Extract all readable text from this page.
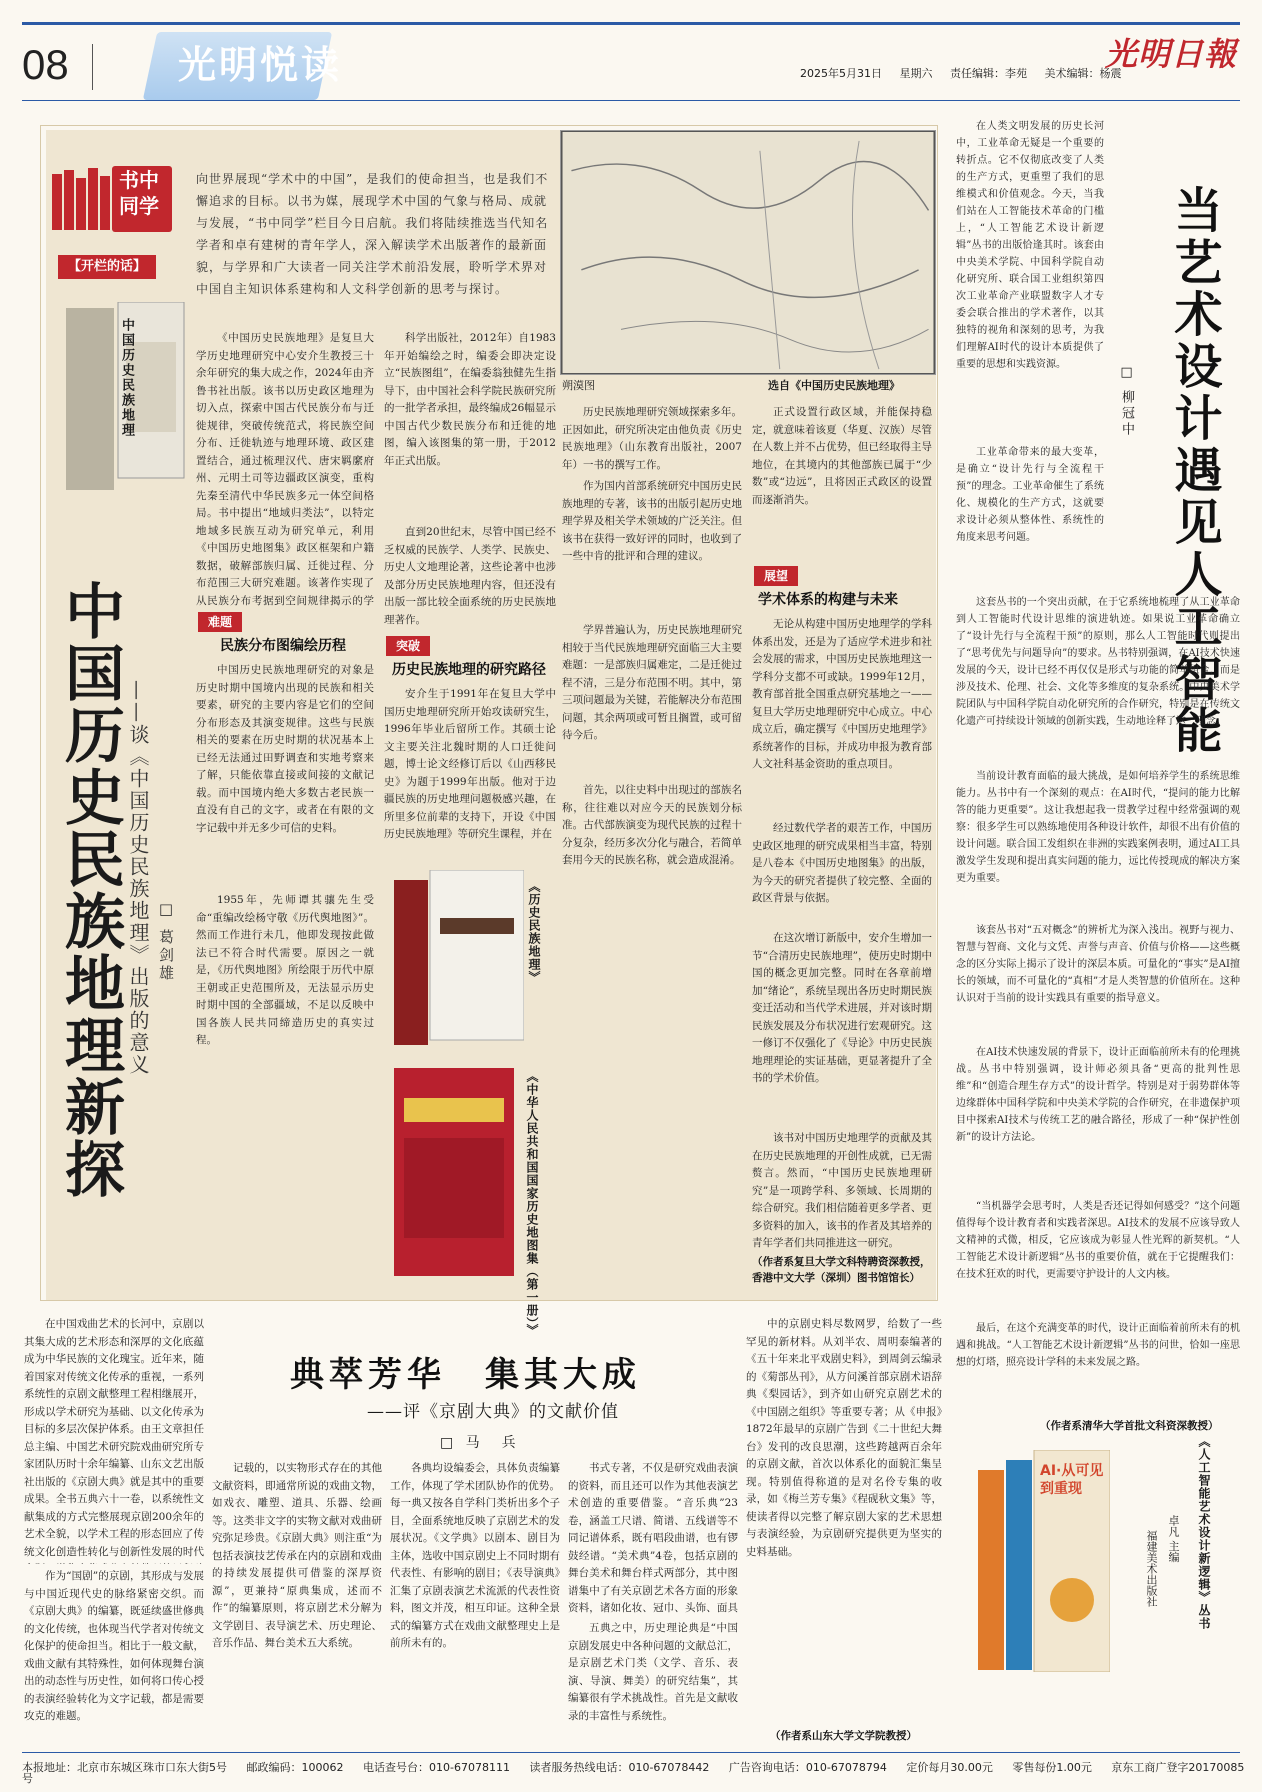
08	光明悦读	2025年5月31日 星期六 责任编辑：李苑 美术编辑：杨震
光明日報
书中
同学
【开栏的话】
向世界展现“学术中的中国”，是我们的使命担当，也是我们不懈追求的目标。以书为媒，展现学术中国的气象与格局、成就与发展，“书中同学”栏目今日启航。我们将陆续推选当代知名学者和卓有建树的青年学人，深入解读学术出版著作的最新面貌，与学界和广大读者一同关注学术前沿发展，聆听学术界对中国自主知识体系建构和人文科学创新的思考与探讨。
中国历史民族地理
中国历史民族地理新探 ——谈《中国历史民族地理》出版的意义 □ 葛剑雄
《中国历史民族地理》是复旦大学历史地理研究中心安介生教授三十余年研究的集大成之作，2024年由齐鲁书社出版。该书以历史政区地理为切入点，探索中国古代民族分布与迁徙规律，突破传统范式，将民族空间分布、迁徙轨迹与地理环境、政区建置结合，通过梳理汉代、唐宋羁縻府州、元明土司等边疆政区演变，重构先秦至清代中华民族多元一体空间格局。书中提出“地域归类法”，以特定地域多民族互动为研究单元，利用《中国历史地图集》政区框架和户籍数据，破解部族归属、迁徙过程、分布范围三大研究难题。该著作实现了从民族分布考据到空间规律揭示的学
难题
民族分布图编绘历程
中国历史民族地理研究的对象是历史时期中国境内出现的民族和相关要素，研究的主要内容是它们的空间分布形态及其演变规律。这些与民族相关的要素在历史时期的状况基本上已经无法通过田野调查和实地考察来了解，只能依靠直接或间接的文献记载。而中国境内绝大多数古老民族一直没有自己的文字，或者在有限的文字记载中并无多少可信的史料。
1955年，先师谭其骧先生受命“重编改绘杨守敬《历代舆地图》”。然而工作进行未几，他即发现按此做法已不符合时代需要。原因之一就是，《历代舆地图》所绘限于历代中原王朝或正史范围所及，无法显示历史时期中国的全部疆域，不足以反映中国各族人民共同缔造历史的真实过程。
科学出版社，2012年）自1983年开始编绘之时，编委会即决定设立“民族图组”，在编委翁独健先生指导下，由中国社会科学院民族研究所的一批学者承担，最终编成26幅显示中国古代少数民族分布和迁徙的地图，编入该图集的第一册，于2012年正式出版。
直到20世纪末，尽管中国已经不乏权威的民族学、人类学、民族史、历史人文地理论著，这些论著中也涉及部分历史民族地理内容，但还没有出版一部比较全面系统的历史民族地理著作。
突破
历史民族地理的研究路径
安介生于1991年在复旦大学中国历史地理研究所开始攻读研究生，1996年毕业后留所工作。其硕士论文主要关注北魏时期的人口迁徙问题，博士论文经修订后以《山西移民史》为题于1999年出版。他对于边疆民族的历史地理问题极感兴趣，在所里多位前辈的支持下，开设《中国历史民族地理》等研究生课程，并在
《历史民族地理》
《中华人民共和国国家历史地图集（第一册）》
朔漠图	选自《中国历史民族地理》
历史民族地理研究领域探索多年。正因如此，研究所决定由他负责《历史民族地理》（山东教育出版社，2007年）一书的撰写工作。
作为国内首部系统研究中国历史民族地理的专著，该书的出版引起历史地理学界及相关学术领域的广泛关注。但该书在获得一致好评的同时，也收到了一些中肯的批评和合理的建议。
学界普遍认为，历史民族地理研究相较于当代民族地理研究面临三大主要难题：一是部族归属难定，二是迁徙过程不清，三是分布范围不明。其中，第三项问题最为关键，若能解决分布范围问题，其余两项或可暂且搁置，或可留待今后。
首先，以往史料中出现过的部族名称，往往难以对应今天的民族划分标准。古代部族演变为现代民族的过程十分复杂，经历多次分化与融合，若简单套用今天的民族名称，就会造成混淆。
正式设置行政区域，并能保持稳定，就意味着该夏（华夏、汉族）尽管在人数上并不占优势，但已经取得主导地位，在其境内的其他部族已属于“少数”或“边远”，且将因正式政区的设置而逐渐消失。
展望
学术体系的构建与未来
无论从构建中国历史地理学的学科体系出发，还是为了适应学术进步和社会发展的需求，中国历史民族地理这一学科分支都不可或缺。1999年12月，教育部首批全国重点研究基地之一——复旦大学历史地理研究中心成立。中心成立后，确定撰写《中国历史地理学》系统著作的目标，并成功申报为教育部人文社科基金资助的重点项目。
经过数代学者的艰苦工作，中国历史政区地理的研究成果相当丰富，特别是八卷本《中国历史地图集》的出版，为今天的研究者提供了较完整、全面的政区背景与依据。
在这次增订新版中，安介生增加一节“合清历史民族地理”，使历史时期中国的概念更加完整。同时在各章前增加“绪论”，系统呈现出各历史时期民族变迁活动和当代学术进展，并对该时期民族发展及分布状况进行宏观研究。这一修订不仅强化了《导论》中历史民族地理理论的实证基础，更显著提升了全书的学术价值。
该书对中国历史地理学的贡献及其在历史民族地理的开创性成就，已无需赘言。然而，“中国历史民族地理研究”是一项跨学科、多领域、长周期的综合研究。我们相信随着更多学者、更多资料的加入，该书的作者及其培养的青年学者们共同推进这一研究。
（作者系复旦大学文科特聘资深教授，香港中文大学（深圳）图书馆馆长）
当艺术设计遇见人工智能
□ 柳冠中
在人类文明发展的历史长河中，工业革命无疑是一个重要的转折点。它不仅彻底改变了人类的生产方式，更重塑了我们的思维模式和价值观念。今天，当我们站在人工智能技术革命的门槛上，“人工智能艺术设计新逻辑”丛书的出版恰逢其时。该套由中央美术学院、中国科学院自动化研究所、联合国工业组织第四次工业革命产业联盟数字人才专委会联合推出的学术著作，以其独特的视角和深刻的思考，为我们理解AI时代的设计本质提供了重要的思想和实践资源。
工业革命带来的最大变革，是确立“设计先行与全流程干预”的理念。工业革命催生了系统化、规模化的生产方式，这就要求设计必须从整体性、系统性的角度来思考问题。
这套丛书的一个突出贡献，在于它系统地梳理了从工业革命到人工智能时代设计思维的演进轨迹。如果说工业革命确立了“设计先行与全流程干预”的原则，那么人工智能时代则提出了“思考优先与问题导向”的要求。丛书特别强调，在AI技术快速发展的今天，设计已经不再仅仅是形式与功能的简单组合，而是涉及技术、伦理、社会、文化等多维度的复杂系统。中央美术学院团队与中国科学院自动化研究所的合作研究，特别是在传统文化遗产可持续设计领域的创新实践，生动地诠释了这一理念。
当前设计教育面临的最大挑战，是如何培养学生的系统思维能力。丛书中有一个深刻的观点：在AI时代，“提问的能力比解答的能力更重要”。这让我想起我一贯教学过程中经常强调的观察：很多学生可以熟练地使用各种设计软件，却很不出有价值的设计问题。联合国工发组织在非洲的实践案例表明，通过AI工具激发学生发现和提出真实问题的能力，远比传授现成的解决方案更为重要。
该套丛书对“五对概念”的辨析尤为深入浅出。视野与视力、智慧与智商、文化与文凭、声誉与声音、价值与价格——这些概念的区分实际上揭示了设计的深层本质。可量化的“事实”是AI擅长的领域，而不可量化的“真相”才是人类智慧的价值所在。这种认识对于当前的设计实践具有重要的指导意义。
在AI技术快速发展的背景下，设计正面临前所未有的伦理挑战。丛书中特别强调，设计师必须具备“更高的批判性思维”和“创造合理生存方式”的设计哲学。特别是对于弱势群体等边缘群体中国科学院和中央美术学院的合作研究，在非遗保护项目中探索AI技术与传统工艺的融合路径，形成了一种“保护性创新”的设计方法论。
“当机器学会思考时，人类是否还记得如何感受？”这个问题值得每个设计教育者和实践者深思。AI技术的发展不应该导致人文精神的式微，相反，它应该成为彰显人性光辉的新契机。“人工智能艺术设计新逻辑”丛书的重要价值，就在于它提醒我们：在技术狂欢的时代，更需要守护设计的人文内核。
最后，在这个充满变革的时代，设计正面临着前所未有的机遇和挑战。“人工智能艺术设计新逻辑”丛书的问世，恰如一座思想的灯塔，照亮设计学科的未来发展之路。
（作者系清华大学首批文科资深教授）
AI·从可见到重现	《人工智能艺术设计新逻辑》丛书
卓凡 主编
福建美术出版社
典萃芳华　集其大成
——评《京剧大典》的文献价值
□ 马　兵
在中国戏曲艺术的长河中，京剧以其集大成的艺术形态和深厚的文化底蕴成为中华民族的文化瑰宝。近年来，随着国家对传统文化传承的重视，一系列系统性的京剧文献整理工程相继展开，形成以学术研究为基础、以文化传承为目标的多层次保护体系。由王文章担任总主编、中国艺术研究院戏曲研究所专家团队历时十余年编纂、山东文艺出版社出版的《京剧大典》就是其中的重要成果。全书五典六十一卷，以系统性文献集成的方式完整展现京剧200余年的艺术全貌，以学术工程的形态回应了传统文化创造性转化与创新性发展的时代
作为“国剧”的京剧，其形成与发展与中国近现代史的脉络紧密交织。而《京剧大典》的编纂，既延续盛世修典的文化传统，也体现当代学者对传统文化保护的使命担当。相比于一般文献，戏曲文献有其特殊性，如何体现舞台演出的动态性与历史性，如何将口传心授的表演经验转化为文字记载，都是需要攻克的难题。
记载的，以实物形式存在的其他文献资料，即通常所说的戏曲文物，如戏衣、雕塑、道具、乐器、绘画等。这类非文字的实物文献对戏曲研究弥足珍贵。《京剧大典》则注重“为包括表演技艺传承在内的京剧和戏曲的持续发展提供可借鉴的深厚资源”，更兼持“原典集成，述而不作”的编纂原则，将京剧艺术分解为文学剧目、表导演艺术、历史理论、音乐作品、舞台美术五大系统。
各典均设编委会，具体负责编纂工作，体现了学术团队协作的优势。每一典又按各自学科门类析出多个子目，全面系统地反映了京剧艺术的发展状况。《文学典》以剧本、剧目为主体，选收中国京剧史上不同时期有代表性、有影响的剧目；《表导演典》汇集了京剧表演艺术流派的代表性资料，图文并茂，相互印证。这种全景式的编纂方式在戏曲文献整理史上是前所未有的。
书式专著，不仅是研究戏曲表演的资料，而且还可以作为其他表演艺术创造的重要借鉴。“音乐典”23卷，涵盖工尺谱、简谱、五线谱等不同记谱体系，既有唱段曲谱，也有锣鼓经谱。“美术典”4卷，包括京剧的舞台美术和舞台样式两部分，其中图谱集中了有关京剧艺术各方面的形象资料，诸如化妆、冠巾、头饰、面具
五典之中，历史理论典是“中国京剧发展史中各种问题的文献总汇，是京剧艺术门类（文学、音乐、表演、导演、舞美）的研究结集”，其编纂很有学术挑战性。首先是文献收录的丰富性与系统性。
中的京剧史料尽数网罗，给数了一些罕见的新材料。从刘半农、周明泰编著的《五十年来北平戏剧史料》，到周剑云编录的《菊部丛刊》，从方问溪首部京剧术语辞典《梨园话》，到齐如山研究京剧艺术的《中国剧之组织》等重要专著；从《申报》1872年最早的京剧广告到《二十世纪大舞台》发刊的改良思潮，这些跨越两百余年的京剧文献，首次以体系化的面貌汇集呈现。特别值得称道的是对名伶专集的收录，如《梅兰芳专集》《程砚秋文集》等，使读者得以完整了解京剧大家的艺术思想与表演经验，为京剧研究提供更为坚实的史料基础。
（作者系山东大学文学院教授）
本报地址：北京市东城区珠市口东大街5号 邮政编码：100062 电话查号台：010-67078111 读者服务热线电话：010-67078442 广告咨询电话：010-67078794 定价每月30.00元 零售每份1.00元 京东工商广登字20170085号
